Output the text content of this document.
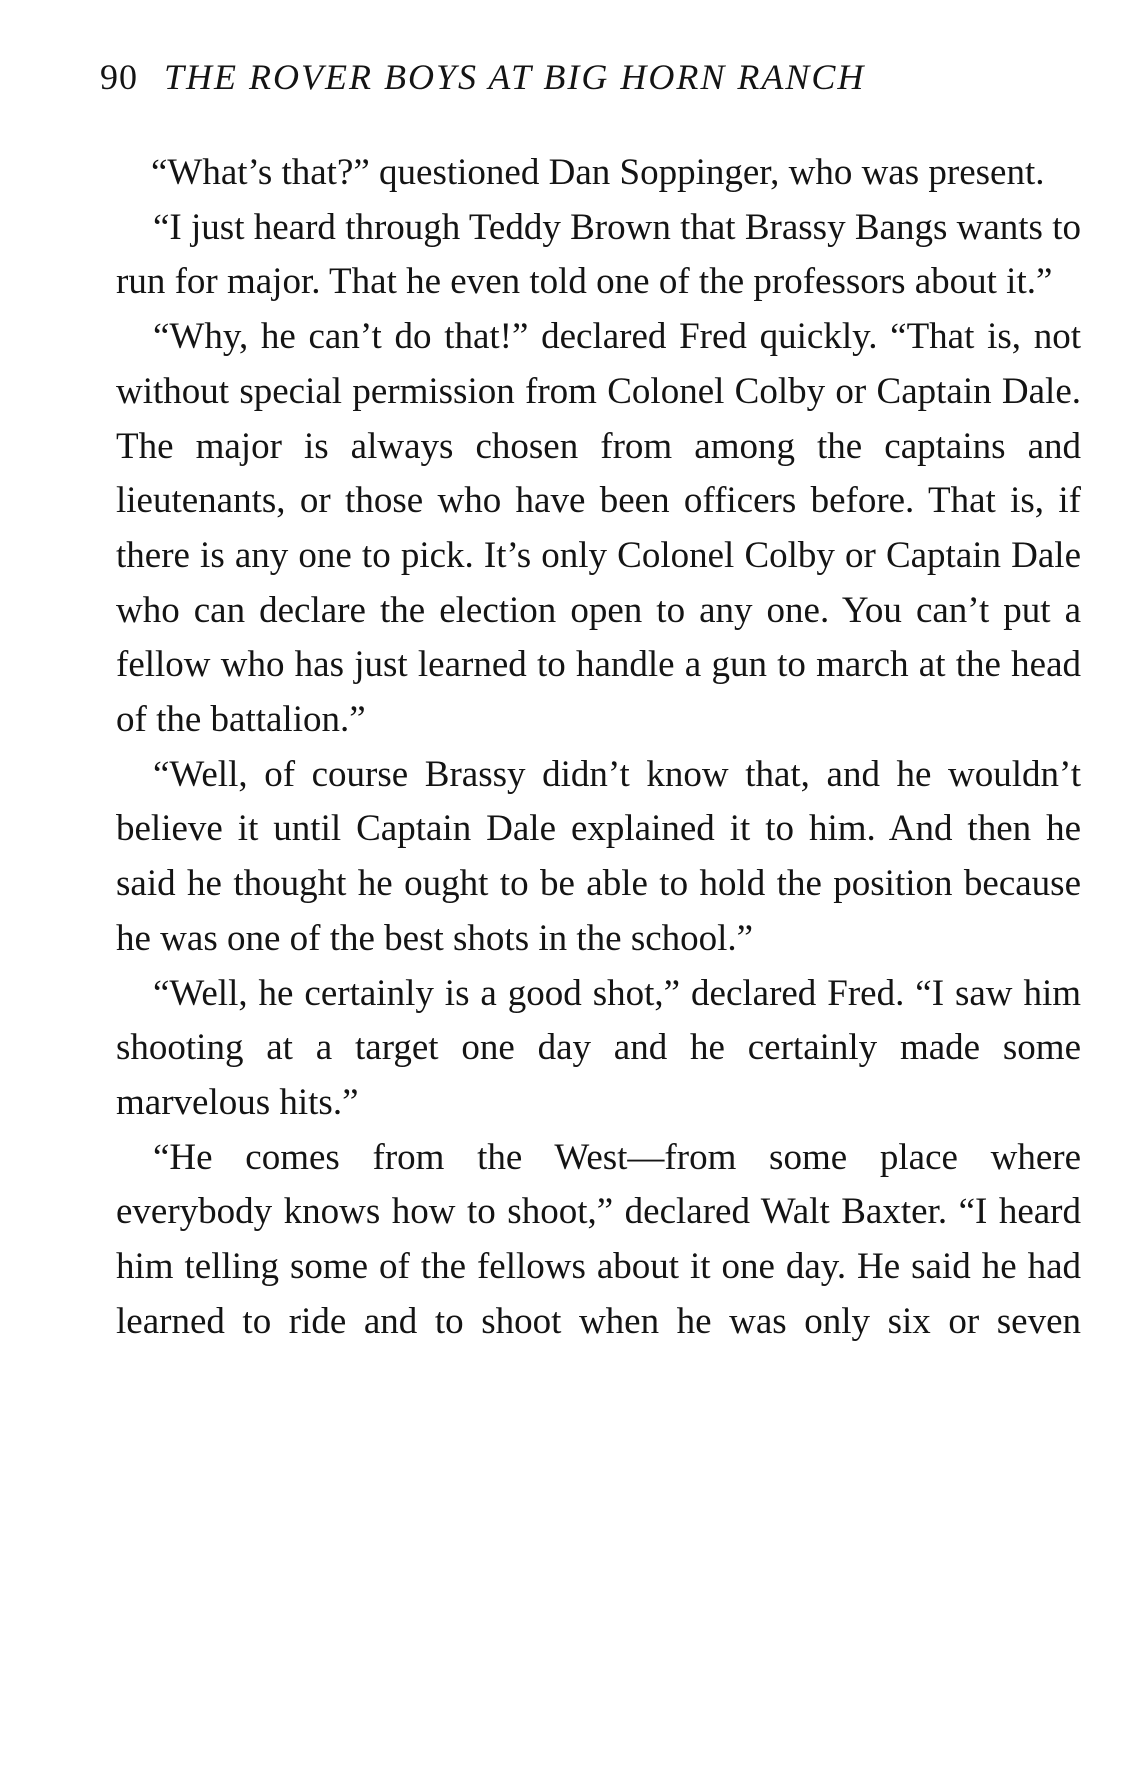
90 THE ROVER BOYS AT BIG HORN RANCH

“What’s that?” questioned Dan Soppinger, who was present.

“I just heard through Teddy Brown that Brassy Bangs wants to run for major. That he even told one of the professors about it.”

“Why, he can’t do that!” declared Fred quickly. “That is, not without special permission from Colonel Colby or Captain Dale. The major is always chosen from among the captains and lieutenants, or those who have been officers before. That is, if there is any one to pick. It’s only Colonel Colby or Captain Dale who can declare the election open to any one. You can’t put a fellow who has just learned to handle a gun to march at the head of the battalion.”

“Well, of course Brassy didn’t know that, and he wouldn’t believe it until Captain Dale explained it to him. And then he said he thought he ought to be able to hold the position because he was one of the best shots in the school.”

“Well, he certainly is a good shot,” declared Fred. “I saw him shooting at a target one day and he certainly made some marvelous hits.”

“He comes from the West—from some place where everybody knows how to shoot,” declared Walt Baxter. “I heard him telling some of the fellows about it one day. He said he had learned to ride and to shoot when he was only six or seven
